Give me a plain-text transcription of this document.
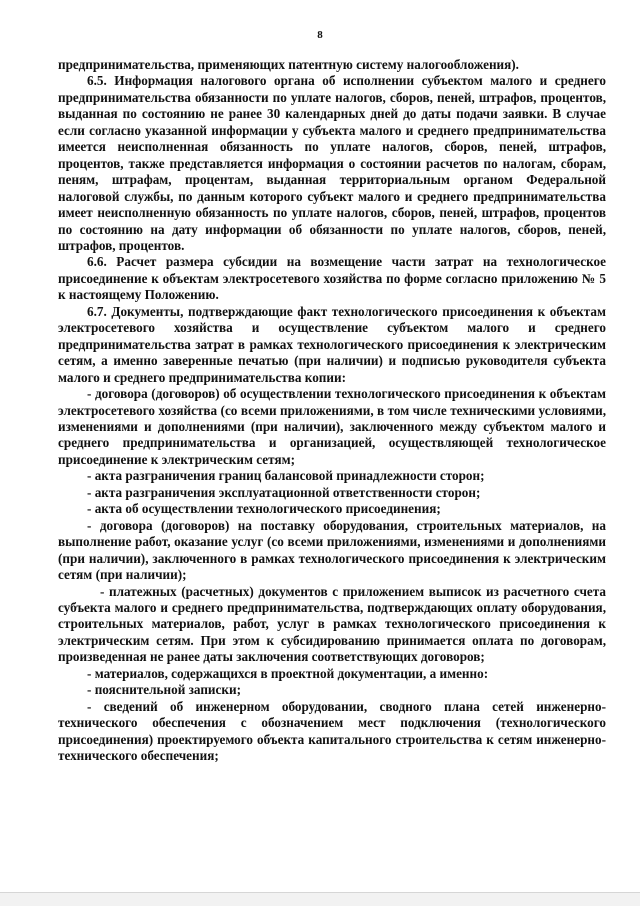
8

предпринимательства, применяющих патентную систему налогообложения).

6.5. Информация налогового органа об исполнении субъектом малого и среднего предпринимательства обязанности по уплате налогов, сборов, пеней, штрафов, процентов, выданная по состоянию не ранее 30 календарных дней до даты подачи заявки. В случае если согласно указанной информации у субъекта малого и среднего предпринимательства имеется неисполненная обязанность по уплате налогов, сборов, пеней, штрафов, процентов, также представляется информация о состоянии расчетов по налогам, сборам, пеням, штрафам, процентам, выданная территориальным органом Федеральной налоговой службы, по данным которого субъект малого и среднего предпринимательства имеет неисполненную обязанность по уплате налогов, сборов, пеней, штрафов, процентов по состоянию на дату информации об обязанности по уплате налогов, сборов, пеней, штрафов, процентов.

6.6. Расчет размера субсидии на возмещение части затрат на технологическое присоединение к объектам электросетевого хозяйства по форме согласно приложению № 5 к настоящему Положению.

6.7. Документы, подтверждающие факт технологического присоединения к объектам электросетевого хозяйства и осуществление субъектом малого и среднего предпринимательства затрат в рамках технологического присоединения к электрическим сетям, а именно заверенные печатью (при наличии) и подписью руководителя субъекта малого и среднего предпринимательства копии:

- договора (договоров) об осуществлении технологического присоединения к объектам электросетевого хозяйства (со всеми приложениями, в том числе техническими условиями, изменениями и дополнениями (при наличии), заключенного между субъектом малого и среднего предпринимательства и организацией, осуществляющей технологическое присоединение к электрическим сетям;

- акта разграничения границ балансовой принадлежности сторон;

- акта разграничения эксплуатационной ответственности сторон;

- акта об осуществлении технологического присоединения;

- договора (договоров) на поставку оборудования, строительных материалов, на выполнение работ, оказание услуг (со всеми приложениями, изменениями и дополнениями (при наличии), заключенного в рамках технологического присоединения к электрическим сетям (при наличии);

- платежных (расчетных) документов с приложением выписок из расчетного счета субъекта малого и среднего предпринимательства, подтверждающих оплату оборудования, строительных материалов, работ, услуг в рамках технологического присоединения к электрическим сетям. При этом к субсидированию принимается оплата по договорам, произведенная не ранее даты заключения соответствующих договоров;

- материалов, содержащихся в проектной документации, а именно:

- пояснительной записки;

- сведений об инженерном оборудовании, сводного плана сетей инженерно-технического обеспечения с обозначением мест подключения (технологического присоединения) проектируемого объекта капитального строительства к сетям инженерно-технического обеспечения;
